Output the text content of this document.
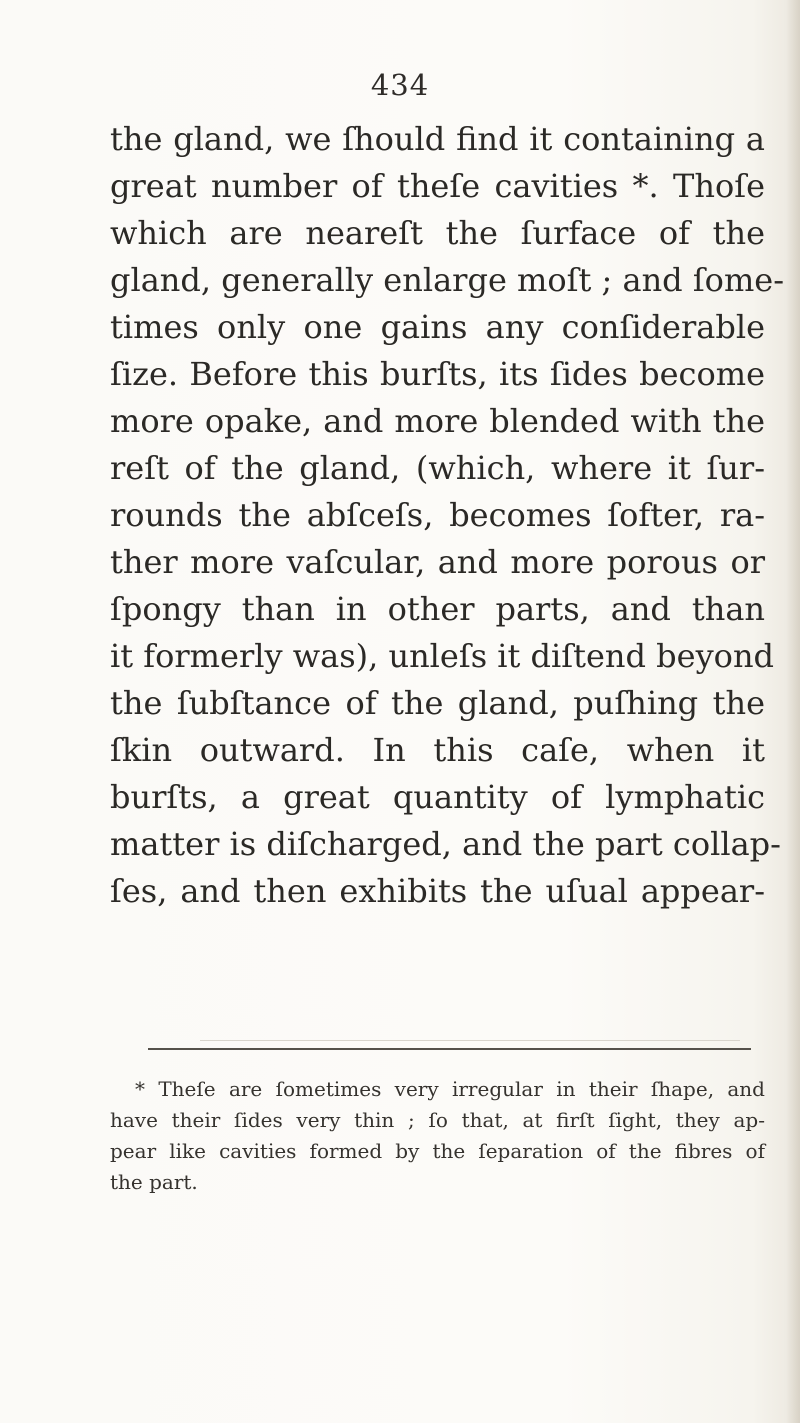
434
the gland, we ſhould find it containing a
great number of theſe cavities *. Thoſe
which are neareſt the ſurface of the
gland, generally enlarge moſt ; and ſome-
times only one gains any conſiderable
ſize. Before this burſts, its ſides become
more opake, and more blended with the
reſt of the gland, (which, where it ſur-
rounds the abſceſs, becomes ſofter, ra-
ther more vaſcular, and more porous or
ſpongy than in other parts, and than
it formerly was), unleſs it diſtend beyond
the ſubſtance of the gland, puſhing the
ſkin outward. In this caſe, when it
burſts, a great quantity of lymphatic
matter is diſcharged, and the part collap-
ſes, and then exhibits the uſual appear-
* Theſe are ſometimes very irregular in their ſhape, and
have their ſides very thin ; ſo that, at firſt ſight, they ap-
pear like cavities formed by the ſeparation of the fibres of
the part.
